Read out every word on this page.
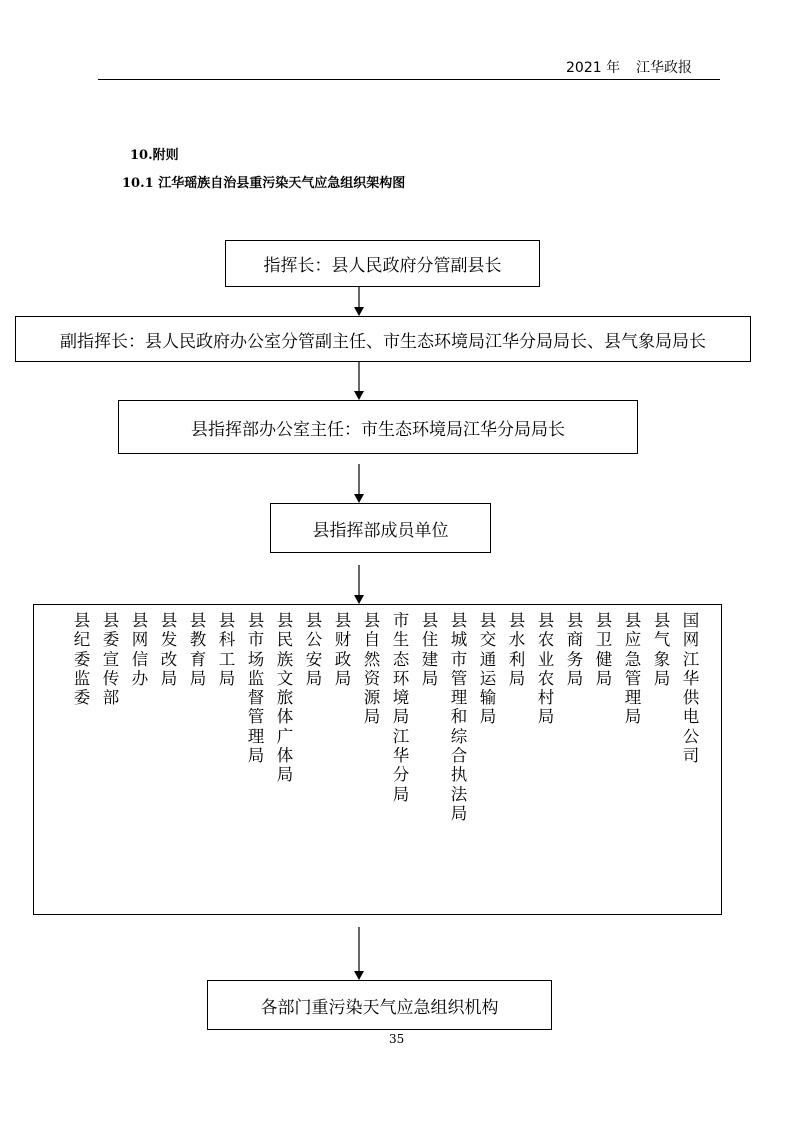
2021 年 江华政报
10.附则
10.1 江华瑶族自治县重污染天气应急组织架构图
指挥长：县人民政府分管副县长
副指挥长：县人民政府办公室分管副主任、市生态环境局江华分局局长、县气象局局长
县指挥部办公室主任：市生态环境局江华分局局长
县指挥部成员单位
县纪委监委
县委宣传部
县网信办
县发改局
县教育局
县科工局
县市场监督管理局
县民族文旅体广体局
县公安局
县财政局
县自然资源局
市生态环境局江华分局
县住建局
县城市管理和综合执法局
县交通运输局
县水利局
县农业农村局
县商务局
县卫健局
县应急管理局
县气象局
国网江华供电公司
各部门重污染天气应急组织机构
35
